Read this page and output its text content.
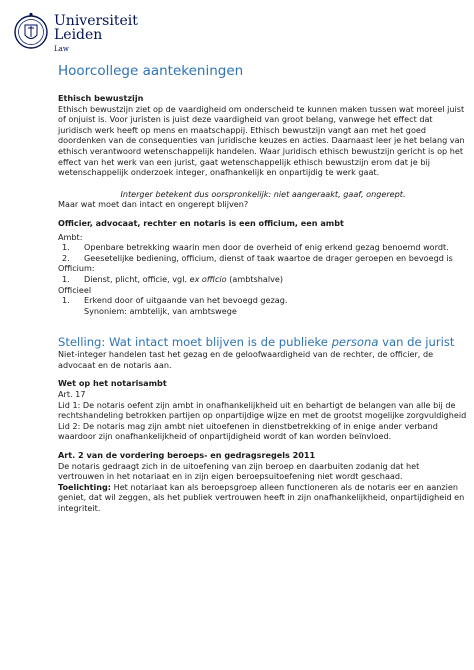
Universiteit
Leiden
Law
Hoorcollege aantekeningen

Ethisch bewustzijn

Ethisch bewustzijn ziet op de vaardigheid om onderscheid te kunnen maken tussen wat moreel juist of onjuist is. Voor juristen is juist deze vaardigheid van groot belang, vanwege het effect dat juridisch werk heeft op mens en maatschappij. Ethisch bewustzijn vangt aan met het goed doordenken van de consequenties van juridische keuzes en acties. Daarnaast leer je het belang van ethisch verantwoord wetenschappelijk handelen. Waar juridisch ethisch bewustzijn gericht is op het effect van het werk van een jurist, gaat wetenschappelijk ethisch bewustzijn erom dat je bij wetenschappelijk onderzoek integer, onafhankelijk en onpartijdig te werk gaat.

Interger betekent dus oorspronkelijk: niet aangeraakt, gaaf, ongerept.

Maar wat moet dan intact en ongerept blijven?

Officier, advocaat, rechter en notaris is een officium, een ambt

Ambt:

1. Openbare betrekking waarin men door de overheid of enig erkend gezag benoemd wordt.
2. Geesetelijke bediening, officium, dienst of taak waartoe de drager geroepen en bevoegd is

Officium:

1. Dienst, plicht, officie, vgl. ex officio (ambtshalve)

Officieel

1. Erkend door of uitgaande van het bevoegd gezag.
Synoniem: ambtelijk, van ambtswege

Stelling: Wat intact moet blijven is de publieke persona van de jurist

Niet-integer handelen tast het gezag en de geloofwaardigheid van de rechter, de officier, de advocaat en de notaris aan.

Wet op het notarisambt

Art. 17

Lid 1: De notaris oefent zijn ambt in onafhankelijkheid uit en behartigt de belangen van alle bij de rechtshandeling betrokken partijen op onpartijdige wijze en met de grootst mogelijke zorgvuldigheid

Lid 2: De notaris mag zijn ambt niet uitoefenen in dienstbetrekking of in enige ander verband waardoor zijn onafhankelijkheid of onpartijdigheid wordt of kan worden beïnvloed.

Art. 2 van de vordering beroeps- en gedragsregels 2011

De notaris gedraagt zich in de uitoefening van zijn beroep en daarbuiten zodanig dat het vertrouwen in het notariaat en in zijn eigen beroepsuitoefening niet wordt geschaad.

Toelichting: Het notariaat kan als beroepsgroep alleen functioneren als de notaris eer en aanzien geniet, dat wil zeggen, als het publiek vertrouwen heeft in zijn onafhankelijkheid, onpartijdigheid en integriteit.
